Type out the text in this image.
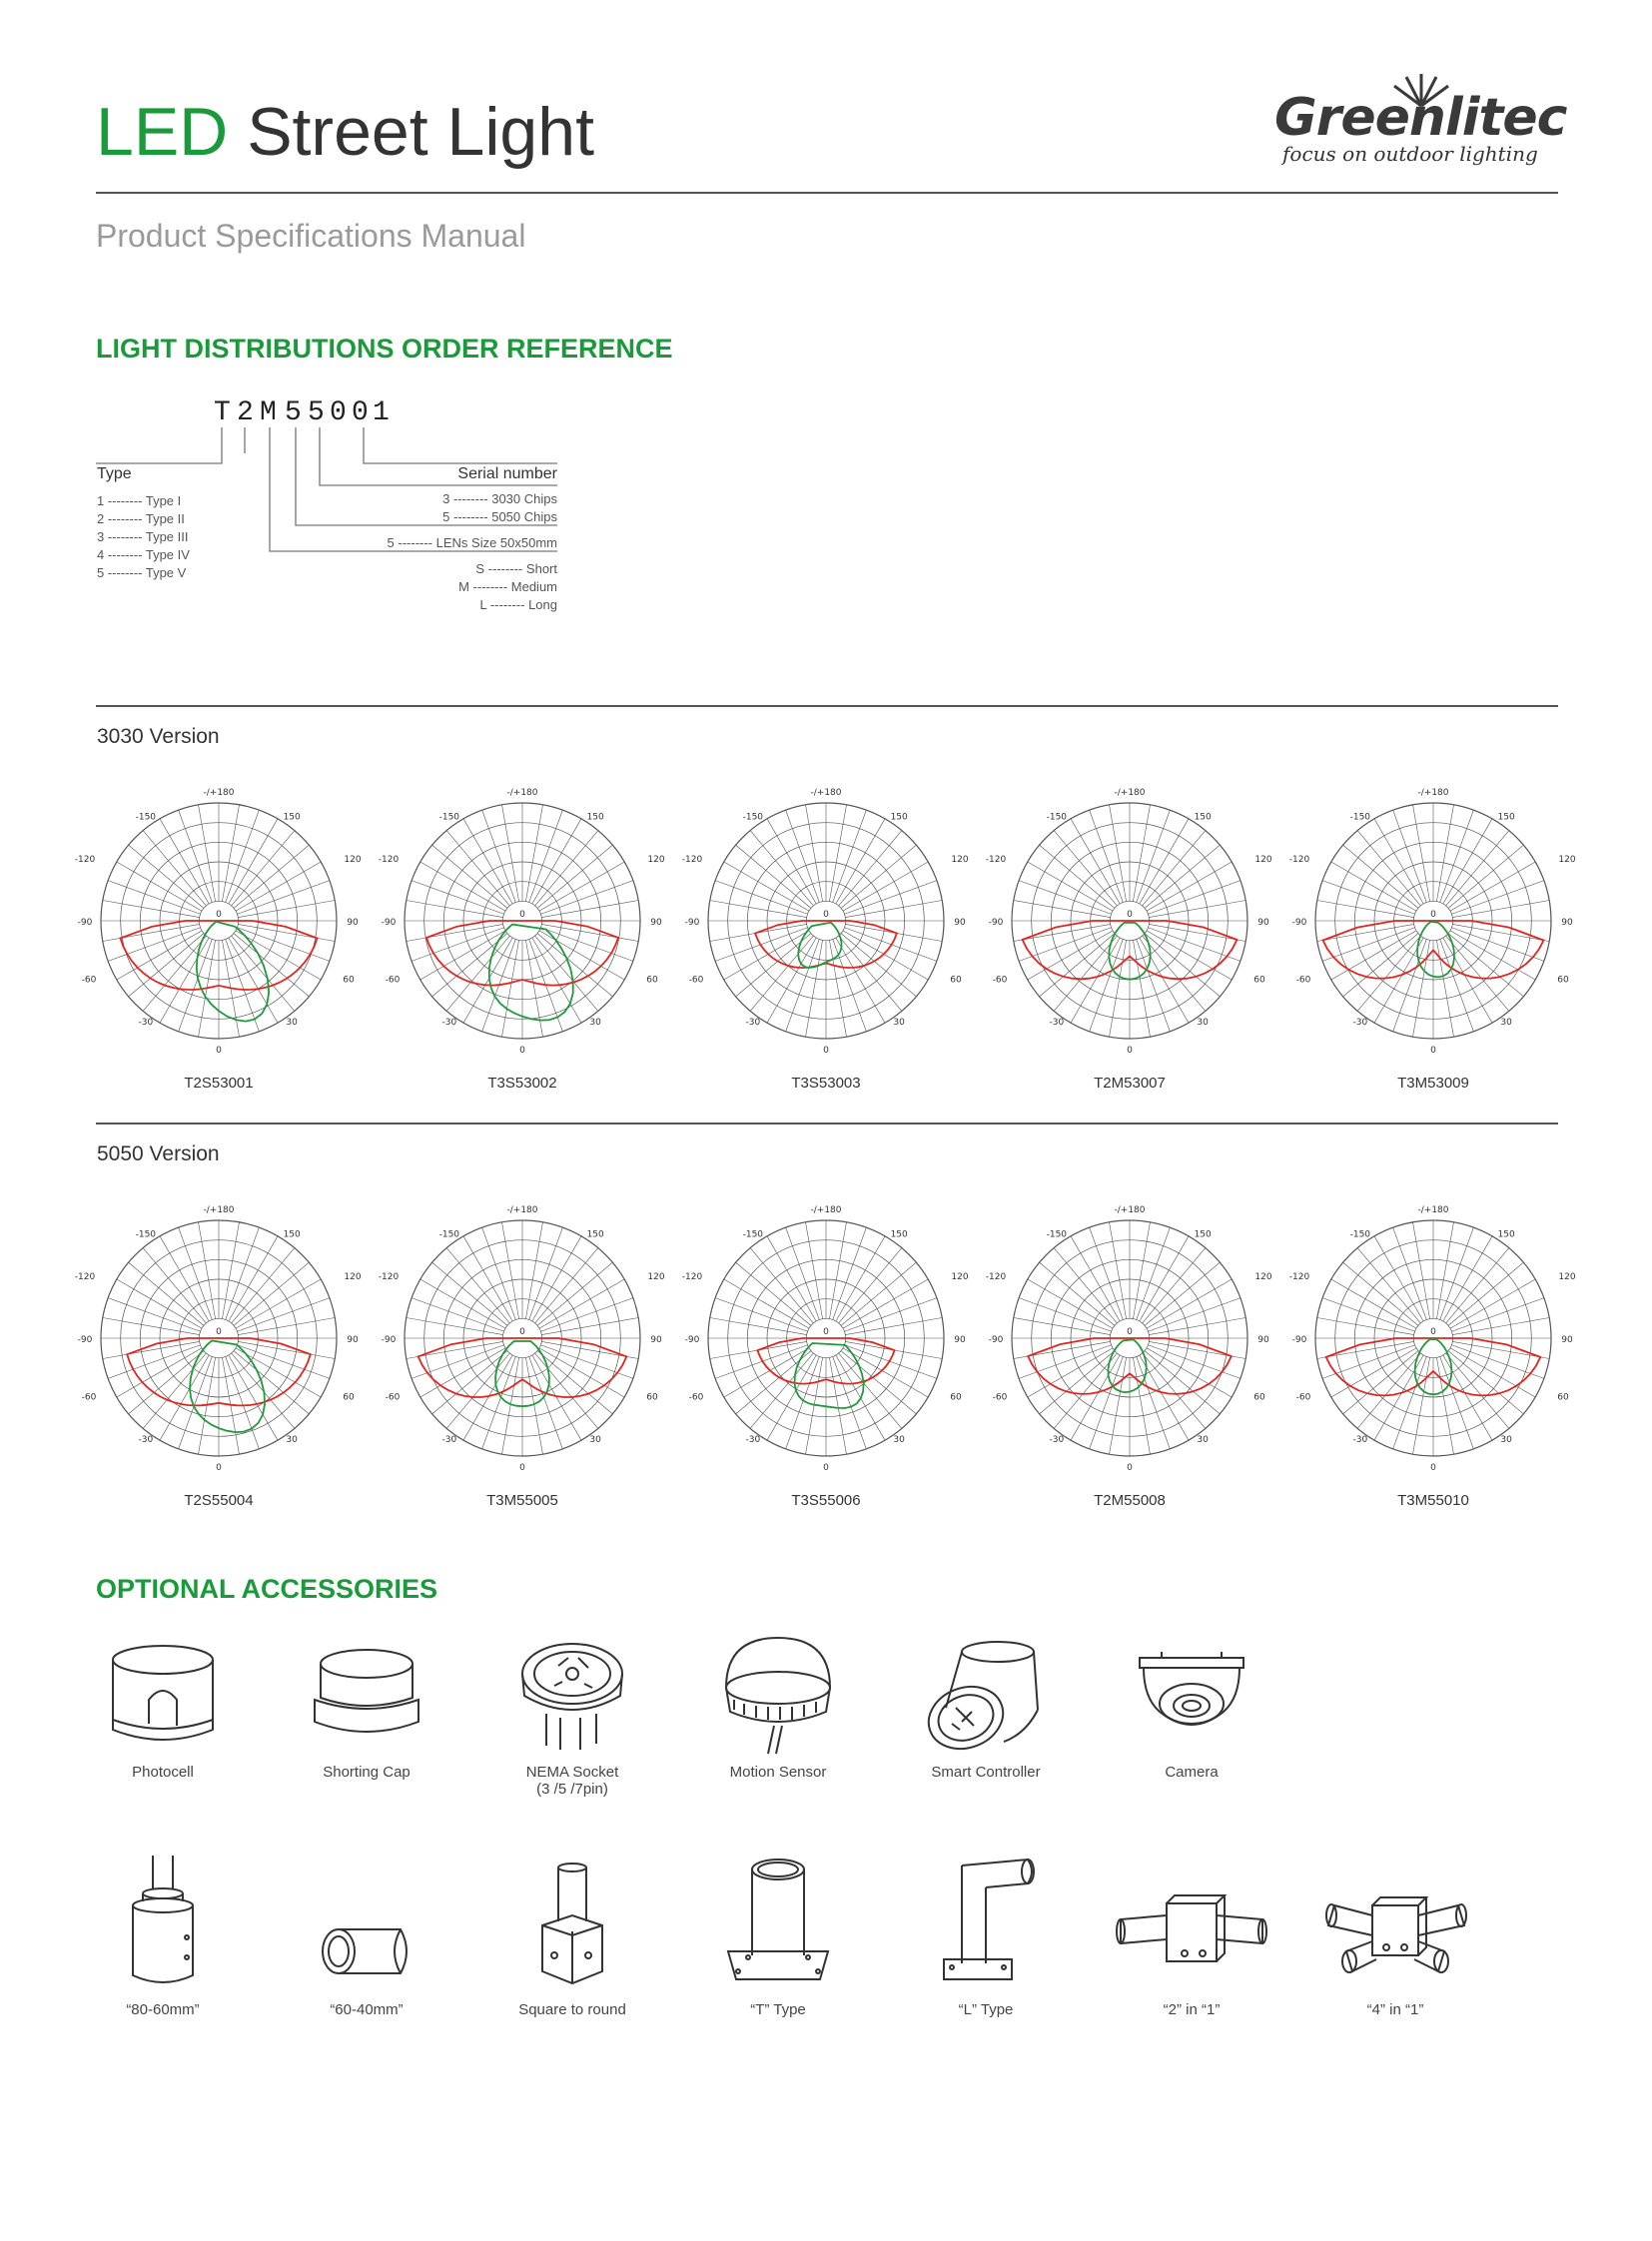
LED Street Light	Greenlitec
focus on outdoor lighting
Product Specifications Manual
LIGHT DISTRIBUTIONS ORDER REFERENCE
T 2 M 5 5 0 0 1
Type
1 -------- Type I
2 -------- Type II
3 -------- Type III
4 -------- Type IV
5 -------- Type V
Serial number
3 -------- 3030 Chips
5 -------- 5050 Chips
5 -------- LENs Size 50x50mm
S -------- Short
M -------- Medium
L -------- Long
3030 Version
-/+180
-150	150
-120	120
-90	90
-60	60
-30	30
0
0
T2S53001
-/+180
-150	150
-120	120
-90	90
-60	60
-30	30
0
0
T3S53002
-/+180
-150	150
-120	120
-90	90
-60	60
-30	30
0
0
T3S53003
-/+180
-150	150
-120	120
-90	90
-60	60
-30	30
0
0
T2M53007
-/+180
-150	150
-120	120
-90	90
-60	60
-30	30
0
0
T3M53009
5050 Version
-/+180
-150	150
-120	120
-90	90
-60	60
-30	30
0
0
T2S55004
-/+180
-150	150
-120	120
-90	90
-60	60
-30	30
0
0
T3M55005
-/+180
-150	150
-120	120
-90	90
-60	60
-30	30
0
0
T3S55006
-/+180
-150	150
-120	120
-90	90
-60	60
-30	30
0
0
T2M55008
-/+180
-150	150
-120	120
-90	90
-60	60
-30	30
0
0
T3M55010
OPTIONAL ACCESSORIES
Photocell	Shorting Cap	NEMA Socket
(3 /5 /7pin)
Motion Sensor	Smart Controller	Camera
“80-60mm”	“60-40mm”	Square to round	“T” Type	“L” Type	“2” in “1”	“4” in “1”
